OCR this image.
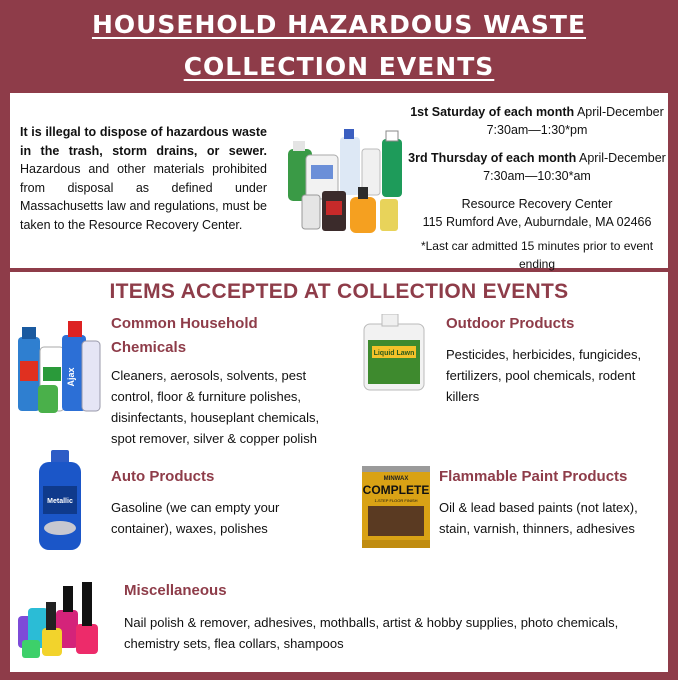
HOUSEHOLD HAZARDOUS WASTE
COLLECTION EVENTS
It is illegal to dispose of hazardous waste in the trash, storm drains, or sewer. Hazardous and other materials prohibited from disposal as defined under Massachusetts law and regulations, must be taken to the Resource Recovery Center.

1st Saturday of each month April-December

7:30am—1:30*pm

3rd Thursday of each month April-December

7:30am—10:30*am

Resource Recovery Center

115 Rumford Ave, Auburndale, MA 02466

*Last car admitted 15 minutes prior to event ending

ITEMS ACCEPTED AT COLLECTION EVENTS
Ajax
Common Household
Chemicals
Cleaners, aerosols, solvents, pest control, floor & furniture polishes, disinfectants, houseplant chemicals, spot remover, silver & copper polish
Liquid Lawn
Outdoor Products
Pesticides, herbicides, fungicides, fertilizers, pool chemicals, rodent killers
Metallic
Auto Products
Gasoline (we can empty your container), waxes, polishes
MINWAX
COMPLETE
1-STEP FLOOR FINISH
Flammable Paint Products
Oil & lead based paints (not latex), stain, varnish, thinners, adhesives
Miscellaneous
Nail polish & remover, adhesives, mothballs, artist & hobby supplies, photo chemicals, chemistry sets, flea collars, shampoos
